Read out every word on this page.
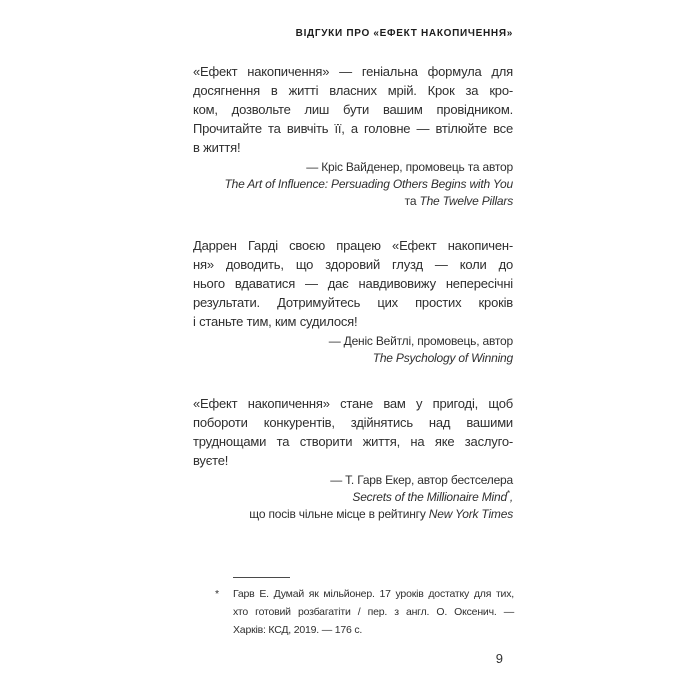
ВІДГУКИ ПРО «ЕФЕКТ НАКОПИЧЕННЯ»
«Ефект накопичення» — геніальна формула для
досягнення в житті власних мрій. Крок за кро-
ком, дозвольте лиш бути вашим провідником.
Прочитайте та вивчіть її, а головне — втілюйте все
в життя!
— Кріс Вайденер, промовець та автор
The Art of Influence: Persuading Others Begins with You
та The Twelve Pillars
Даррен Гарді своєю працею «Ефект накопичен-
ня» доводить, що здоровий глузд — коли до
нього вдаватися — дає навдивовижу непересічні
результати. Дотримуйтесь цих простих кроків
і станьте тим, ким судилося!
— Деніс Вейтлі, промовець, автор
The Psychology of Winning
«Ефект накопичення» стане вам у пригоді, щоб
побороти конкурентів, здійнятись над вашими
труднощами та створити життя, на яке заслуго-
вуєте!
— Т. Гарв Екер, автор бестселера
Secrets of the Millionaire Mind*,
що посів чільне місце в рейтингу New York Times
* Гарв Е. Думай як мільйонер. 17 уроків достатку для тих,
хто готовий розбагатіти / пер. з англ. О. Оксенич. —
Харків: КСД, 2019. — 176 с.
9
